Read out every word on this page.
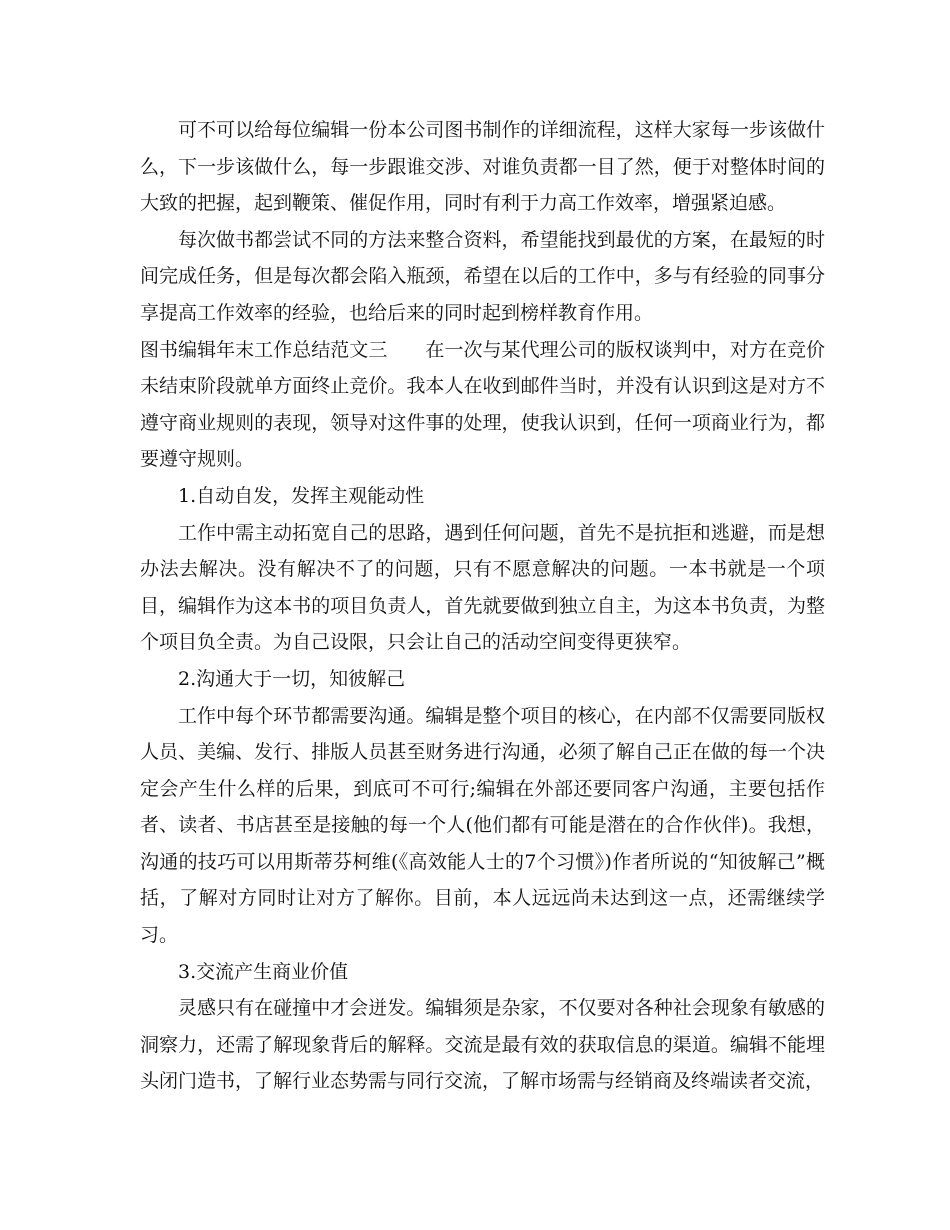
可不可以给每位编辑一份本公司图书制作的详细流程，这样大家每一步该做什么，下一步该做什么，每一步跟谁交涉、对谁负责都一目了然，便于对整体时间的大致的把握，起到鞭策、催促作用，同时有利于力高工作效率，增强紧迫感。

每次做书都尝试不同的方法来整合资料，希望能找到最优的方案，在最短的时间完成任务，但是每次都会陷入瓶颈，希望在以后的工作中，多与有经验的同事分享提高工作效率的经验，也给后来的同时起到榜样教育作用。

图书编辑年末工作总结范文三　　在一次与某代理公司的版权谈判中，对方在竞价未结束阶段就单方面终止竞价。我本人在收到邮件当时，并没有认识到这是对方不遵守商业规则的表现，领导对这件事的处理，使我认识到，任何一项商业行为，都要遵守规则。

1.自动自发，发挥主观能动性

工作中需主动拓宽自己的思路，遇到任何问题，首先不是抗拒和逃避，而是想办法去解决。没有解决不了的问题，只有不愿意解决的问题。一本书就是一个项目，编辑作为这本书的项目负责人，首先就要做到独立自主，为这本书负责，为整个项目负全责。为自己设限，只会让自己的活动空间变得更狭窄。

2.沟通大于一切，知彼解己

工作中每个环节都需要沟通。编辑是整个项目的核心，在内部不仅需要同版权人员、美编、发行、排版人员甚至财务进行沟通，必须了解自己正在做的每一个决定会产生什么样的后果，到底可不可行;编辑在外部还要同客户沟通，主要包括作者、读者、书店甚至是接触的每一个人(他们都有可能是潜在的合作伙伴)。我想，沟通的技巧可以用斯蒂芬柯维(《高效能人士的7个习惯》)作者所说的“知彼解己”概括，了解对方同时让对方了解你。目前，本人远远尚未达到这一点，还需继续学习。

3.交流产生商业价值

灵感只有在碰撞中才会迸发。编辑须是杂家，不仅要对各种社会现象有敏感的洞察力，还需了解现象背后的解释。交流是最有效的获取信息的渠道。编辑不能埋头闭门造书，了解行业态势需与同行交流，了解市场需与经销商及终端读者交流，
